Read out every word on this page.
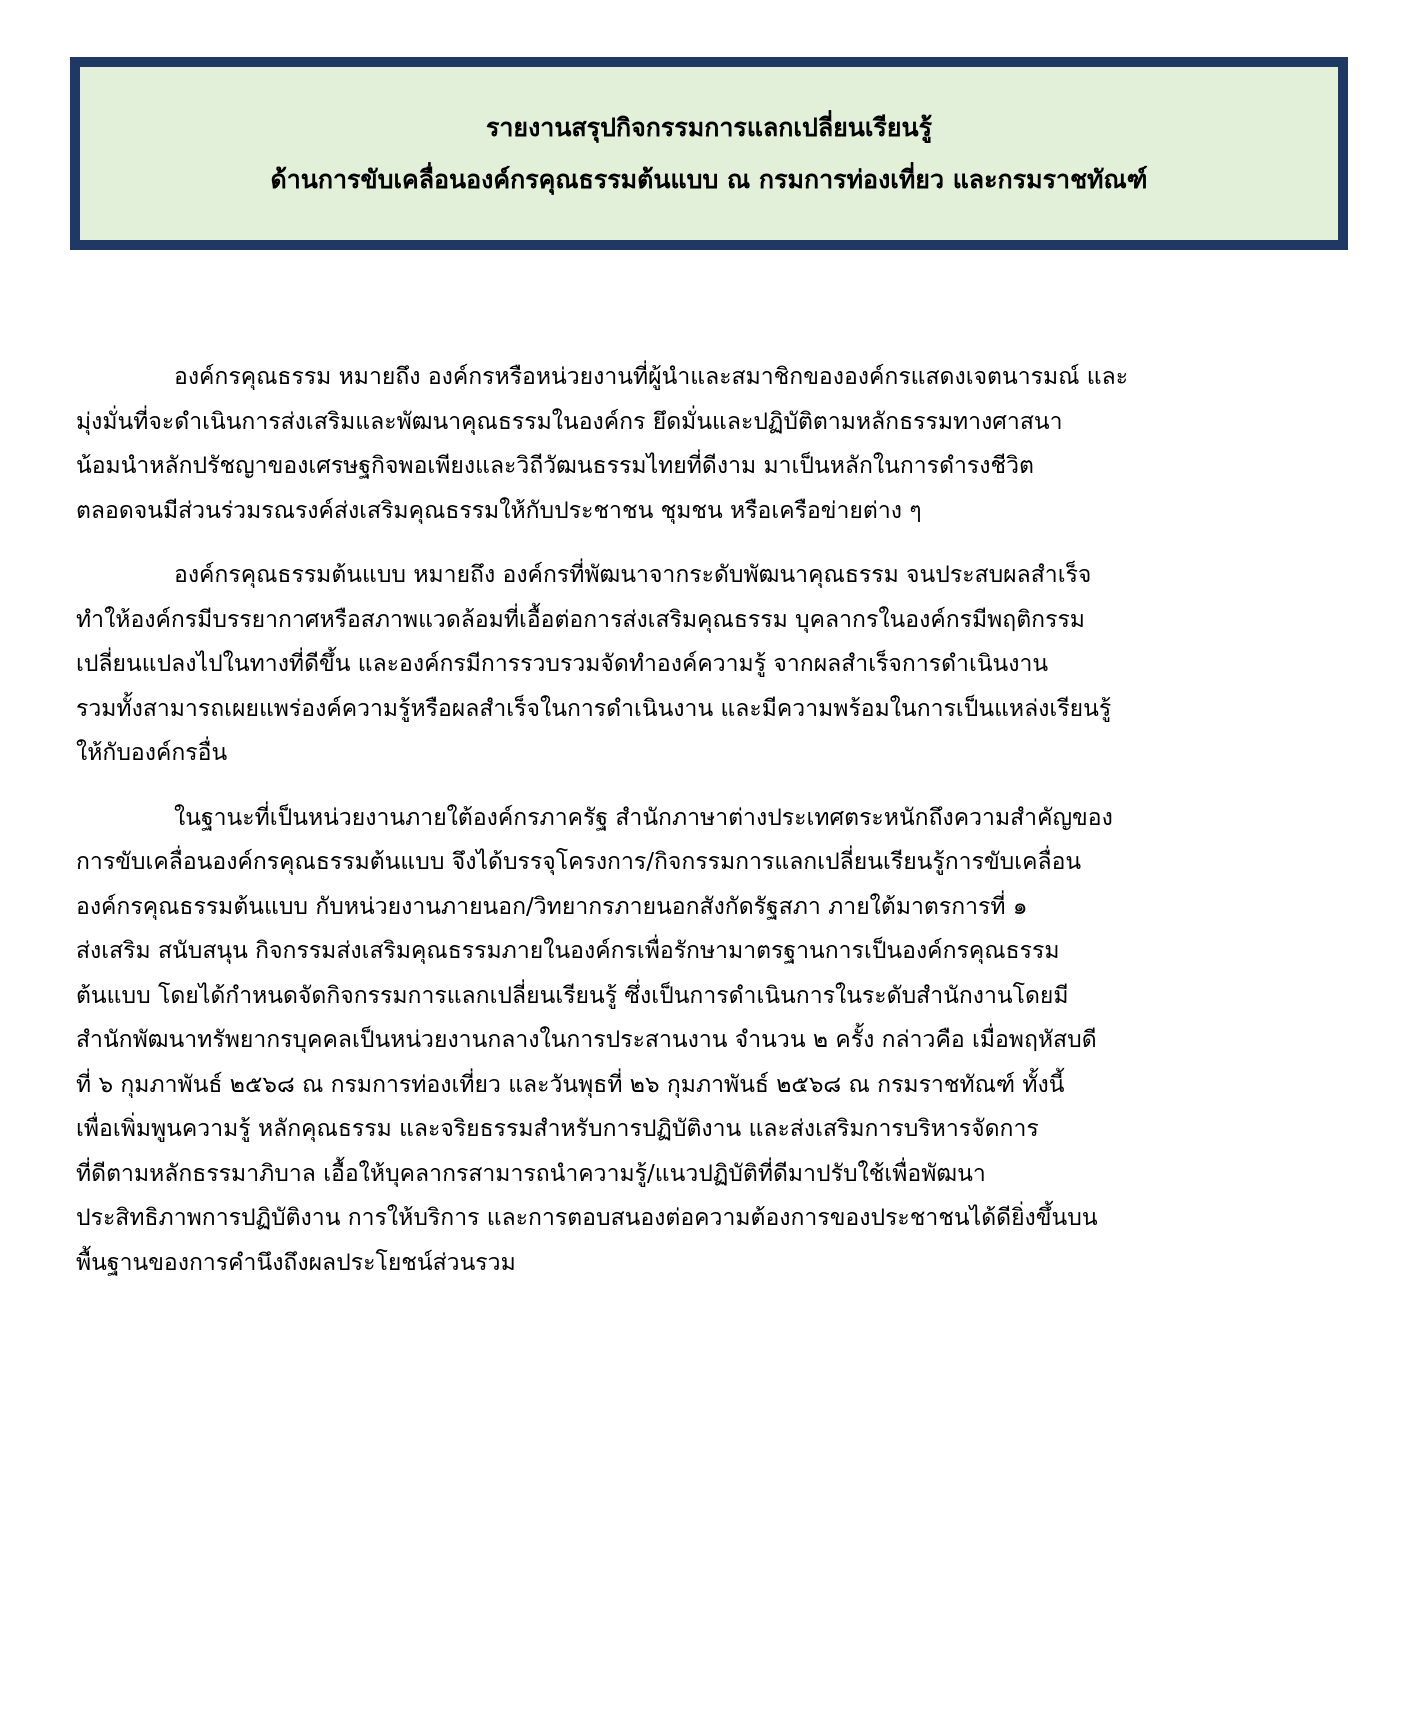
รายงานสรุปกิจกรรมการแลกเปลี่ยนเรียนรู้
ด้านการขับเคลื่อนองค์กรคุณธรรมต้นแบบ ณ กรมการท่องเที่ยว และกรมราชทัณฑ์

องค์กรคุณธรรม หมายถึง องค์กรหรือหน่วยงานที่ผู้นำและสมาชิกขององค์กรแสดงเจตนารมณ์ และ
มุ่งมั่นที่จะดำเนินการส่งเสริมและพัฒนาคุณธรรมในองค์กร ยึดมั่นและปฏิบัติตามหลักธรรมทางศาสนา
น้อมนำหลักปรัชญาของเศรษฐกิจพอเพียงและวิถีวัฒนธรรมไทยที่ดีงาม มาเป็นหลักในการดำรงชีวิต
ตลอดจนมีส่วนร่วมรณรงค์ส่งเสริมคุณธรรมให้กับประชาชน ชุมชน หรือเครือข่ายต่าง ๆ

องค์กรคุณธรรมต้นแบบ หมายถึง องค์กรที่พัฒนาจากระดับพัฒนาคุณธรรม จนประสบผลสำเร็จ
ทำให้องค์กรมีบรรยากาศหรือสภาพแวดล้อมที่เอื้อต่อการส่งเสริมคุณธรรม บุคลากรในองค์กรมีพฤติกรรม
เปลี่ยนแปลงไปในทางที่ดีขึ้น และองค์กรมีการรวบรวมจัดทำองค์ความรู้ จากผลสำเร็จการดำเนินงาน
รวมทั้งสามารถเผยแพร่องค์ความรู้หรือผลสำเร็จในการดำเนินงาน และมีความพร้อมในการเป็นแหล่งเรียนรู้
ให้กับองค์กรอื่น

ในฐานะที่เป็นหน่วยงานภายใต้องค์กรภาครัฐ สำนักภาษาต่างประเทศตระหนักถึงความสำคัญของ
การขับเคลื่อนองค์กรคุณธรรมต้นแบบ จึงได้บรรจุโครงการ/กิจกรรมการแลกเปลี่ยนเรียนรู้การขับเคลื่อน
องค์กรคุณธรรมต้นแบบ กับหน่วยงานภายนอก/วิทยากรภายนอกสังกัดรัฐสภา ภายใต้มาตรการที่ ๑
ส่งเสริม สนับสนุน กิจกรรมส่งเสริมคุณธรรมภายในองค์กรเพื่อรักษามาตรฐานการเป็นองค์กรคุณธรรม
ต้นแบบ โดยได้กำหนดจัดกิจกรรมการแลกเปลี่ยนเรียนรู้ ซึ่งเป็นการดำเนินการในระดับสำนักงานโดยมี
สำนักพัฒนาทรัพยากรบุคคลเป็นหน่วยงานกลางในการประสานงาน จำนวน ๒ ครั้ง กล่าวคือ เมื่อพฤหัสบดี
ที่ ๖ กุมภาพันธ์ ๒๕๖๘ ณ กรมการท่องเที่ยว และวันพุธที่ ๒๖ กุมภาพันธ์ ๒๕๖๘ ณ กรมราชทัณฑ์ ทั้งนี้
เพื่อเพิ่มพูนความรู้ หลักคุณธรรม และจริยธรรมสำหรับการปฏิบัติงาน และส่งเสริมการบริหารจัดการ
ที่ดีตามหลักธรรมาภิบาล เอื้อให้บุคลากรสามารถนำความรู้/แนวปฏิบัติที่ดีมาปรับใช้เพื่อพัฒนา
ประสิทธิภาพการปฏิบัติงาน การให้บริการ และการตอบสนองต่อความต้องการของประชาชนได้ดียิ่งขึ้นบน
พื้นฐานของการคำนึงถึงผลประโยชน์ส่วนรวม
